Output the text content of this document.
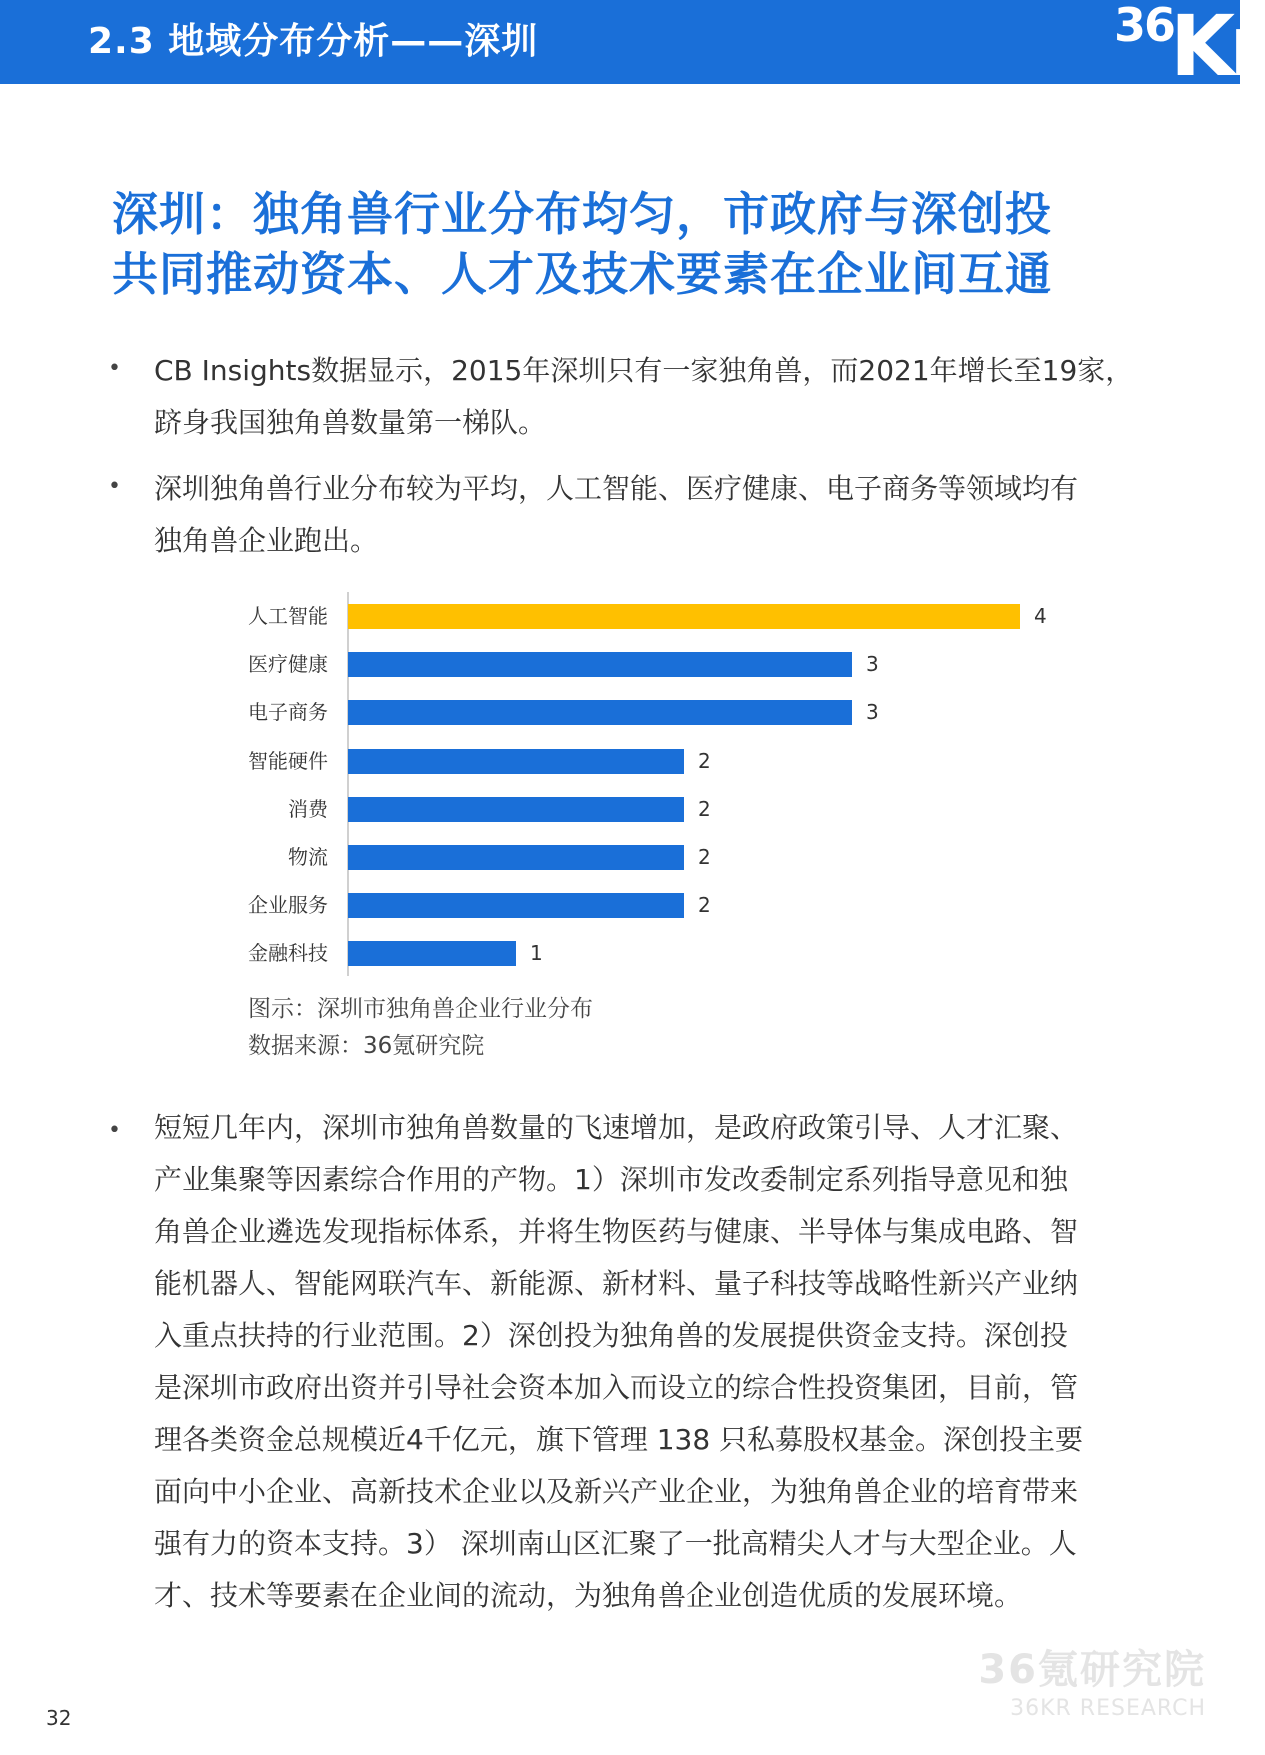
2.3 地域分布分析——深圳	36
Kr
深圳：独角兽行业分布均匀，市政府与深创投
共同推动资本、人才及技术要素在企业间互通
• CB Insights数据显示，2015年深圳只有一家独角兽，而2021年增长至19家，
跻身我国独角兽数量第一梯队。
• 深圳独角兽行业分布较为平均，人工智能、医疗健康、电子商务等领域均有
独角兽企业跑出。
人工智能	4
医疗健康	3
电子商务	3
智能硬件	2
消费	2
物流	2
企业服务	2
金融科技	1
图示：深圳市独角兽企业行业分布
数据来源：36氪研究院
• 短短几年内，深圳市独角兽数量的飞速增加，是政府政策引导、人才汇聚、
产业集聚等因素综合作用的产物。1）深圳市发改委制定系列指导意见和独
角兽企业遴选发现指标体系，并将生物医药与健康、半导体与集成电路、智
能机器人、智能网联汽车、新能源、新材料、量子科技等战略性新兴产业纳
入重点扶持的行业范围。2）深创投为独角兽的发展提供资金支持。深创投
是深圳市政府出资并引导社会资本加入而设立的综合性投资集团，目前，管
理各类资金总规模近4千亿元，旗下管理 138 只私募股权基金。深创投主要
面向中小企业、高新技术企业以及新兴产业企业，为独角兽企业的培育带来
强有力的资本支持。3） 深圳南山区汇聚了一批高精尖人才与大型企业。人
才、技术等要素在企业间的流动，为独角兽企业创造优质的发展环境。
36氪研究院
36KR RESEARCH
32
